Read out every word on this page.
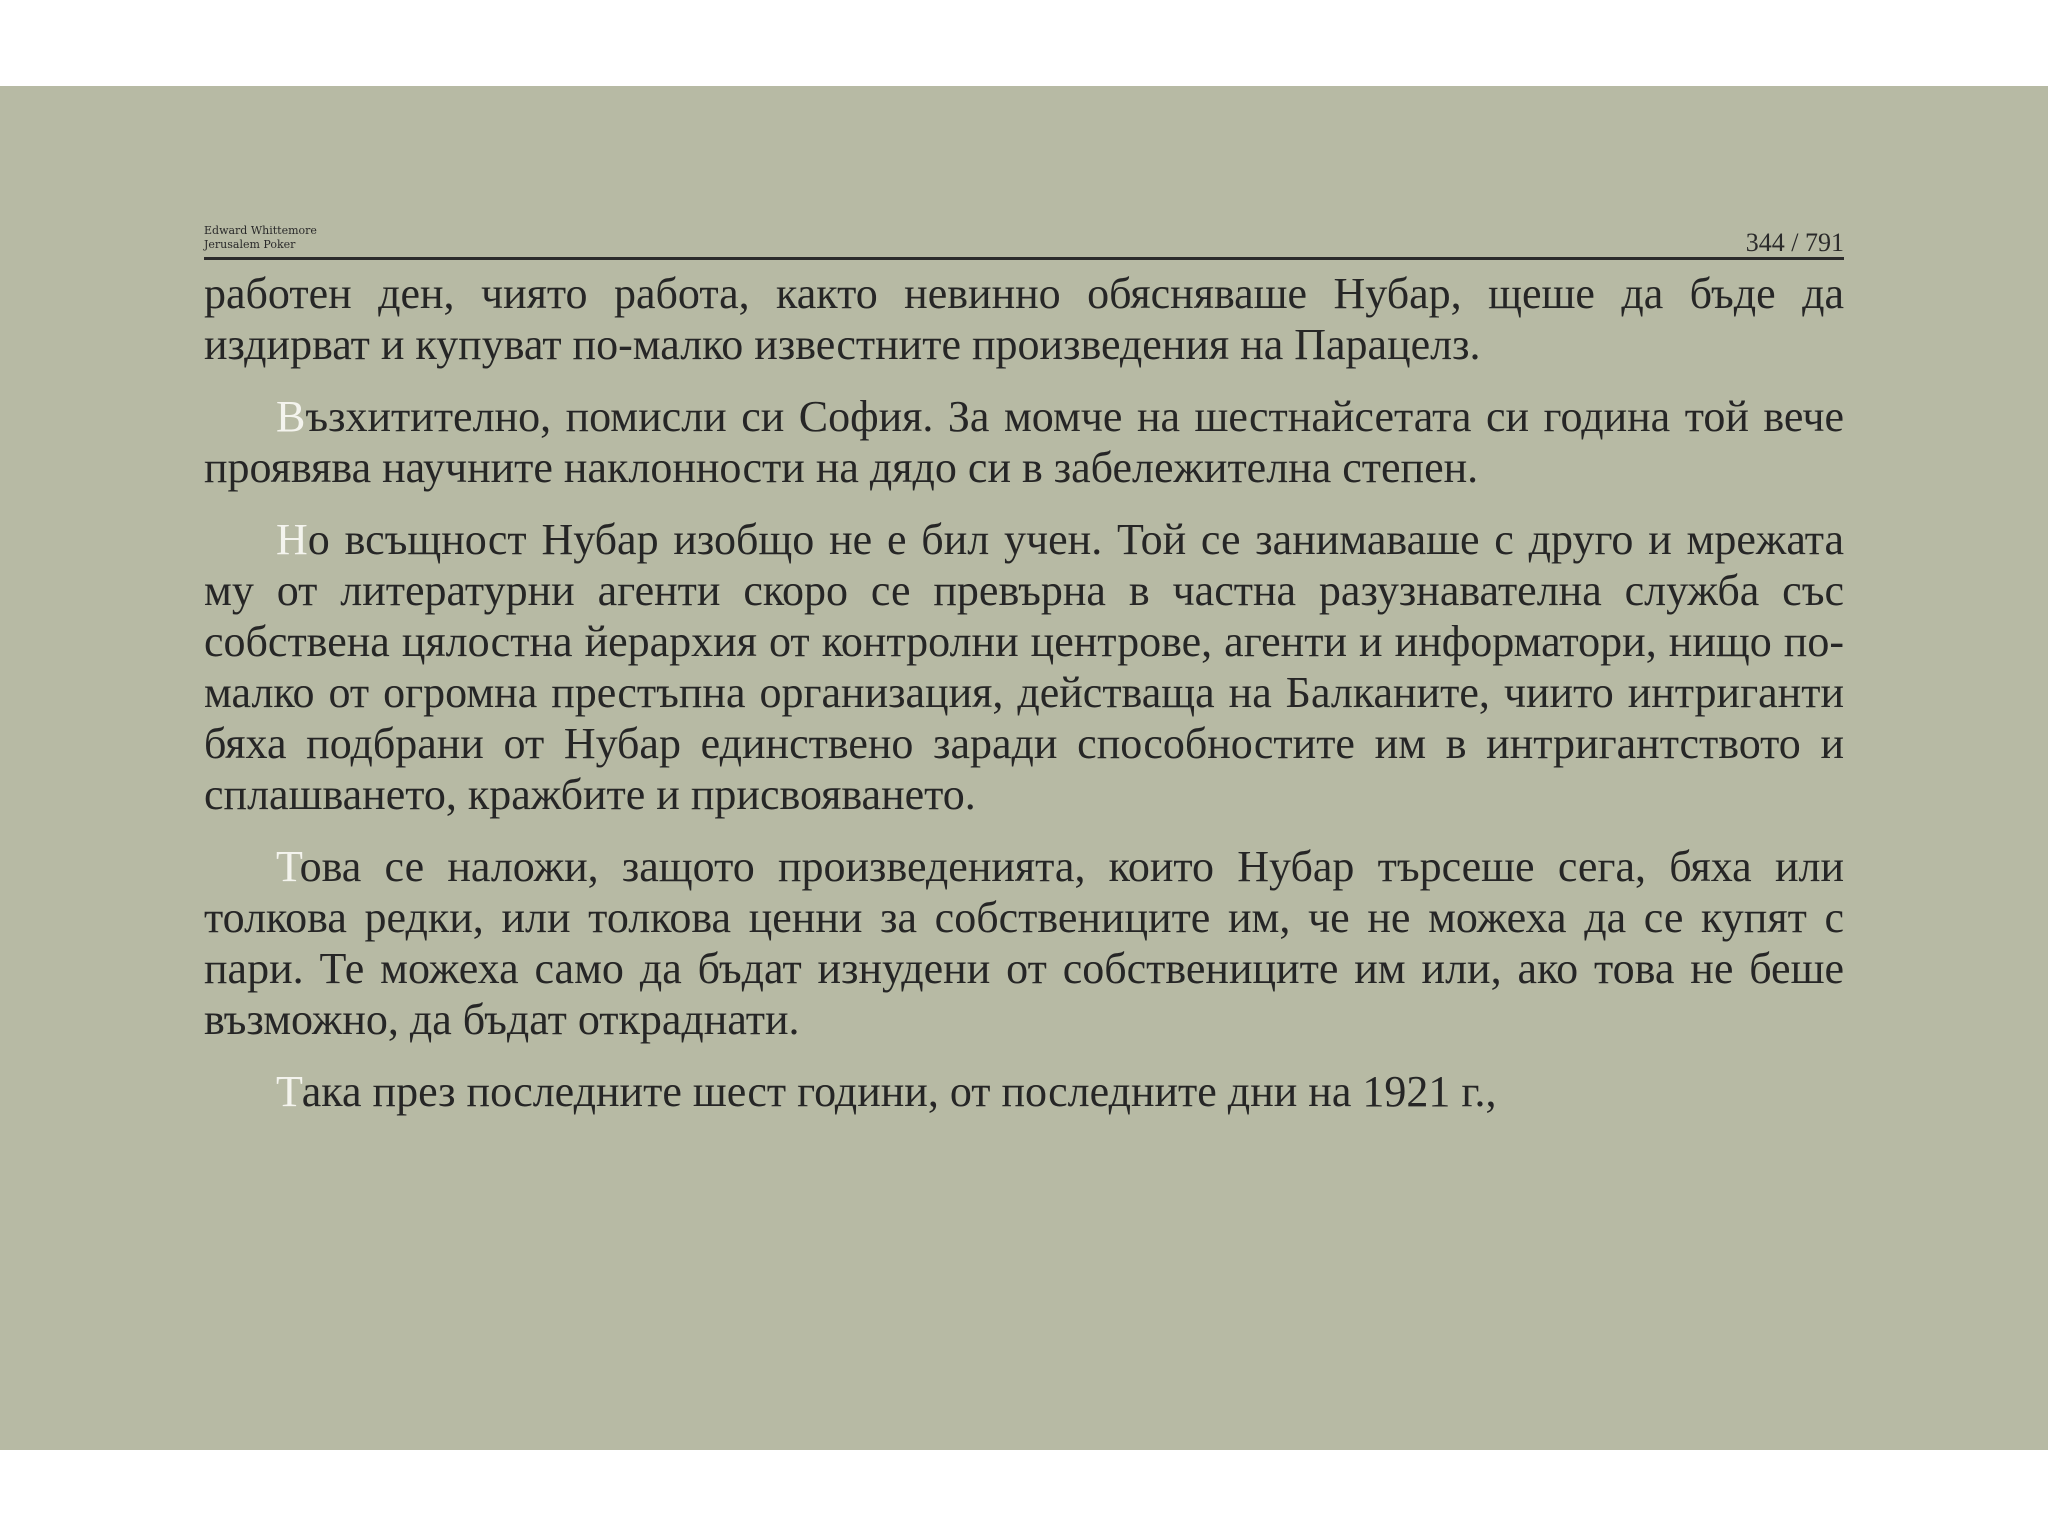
Edward Whittemore
Jerusalem Poker	344 / 791

работен ден, чиято работа, както невинно обясняваше Нубар, щеше да бъде да издирват и купуват по-малко известните произведения на Парацелз.

Възхитително, помисли си София. За момче на шестнайсетата си година той вече проявява научните наклонности на дядо си в забележителна степен.

Но всъщност Нубар изобщо не е бил учен. Той се занимаваше с друго и мрежата му от литературни агенти скоро се превърна в частна разузнавателна служба със собствена цялостна йерархия от контролни центрове, агенти и информатори, нищо по-малко от огромна престъпна организация, действаща на Балканите, чиито интриганти бяха подбрани от Нубар единствено заради способностите им в интригантството и сплашването, кражбите и присвояването.

Това се наложи, защото произведенията, които Нубар търсеше сега, бяха или толкова редки, или толкова ценни за собствениците им, че не можеха да се купят с пари. Те можеха само да бъдат изнудени от собствениците им или, ако това не беше възможно, да бъдат откраднати.

Така през последните шест години, от последните дни на 1921 г.,
